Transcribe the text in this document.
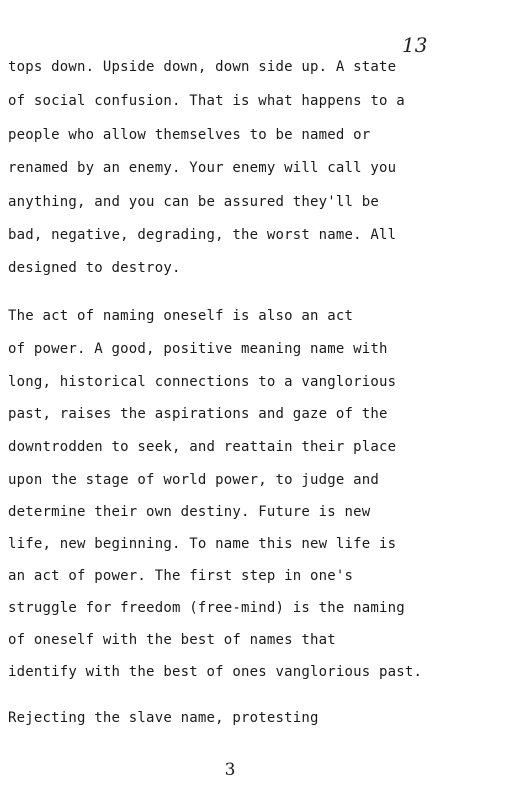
13
tops down. Upside down, down side up. A state
of social confusion. That is what happens to a
people who allow themselves to be named or
renamed by an enemy. Your enemy will call you
anything, and you can be assured they'll be
bad, negative, degrading, the worst name. All
designed to destroy.
The act of naming oneself is also an act
of power. A good, positive meaning name with
long, historical connections to a vanglorious
past, raises the aspirations and gaze of the
downtrodden to seek, and reattain their place
upon the stage of world power, to judge and
determine their own destiny. Future is new
life, new beginning. To name this new life is
an act of power. The first step in one's
struggle for freedom (free-mind) is the naming
of oneself with the best of names that
identify with the best of ones vanglorious past.
Rejecting the slave name, protesting
3
